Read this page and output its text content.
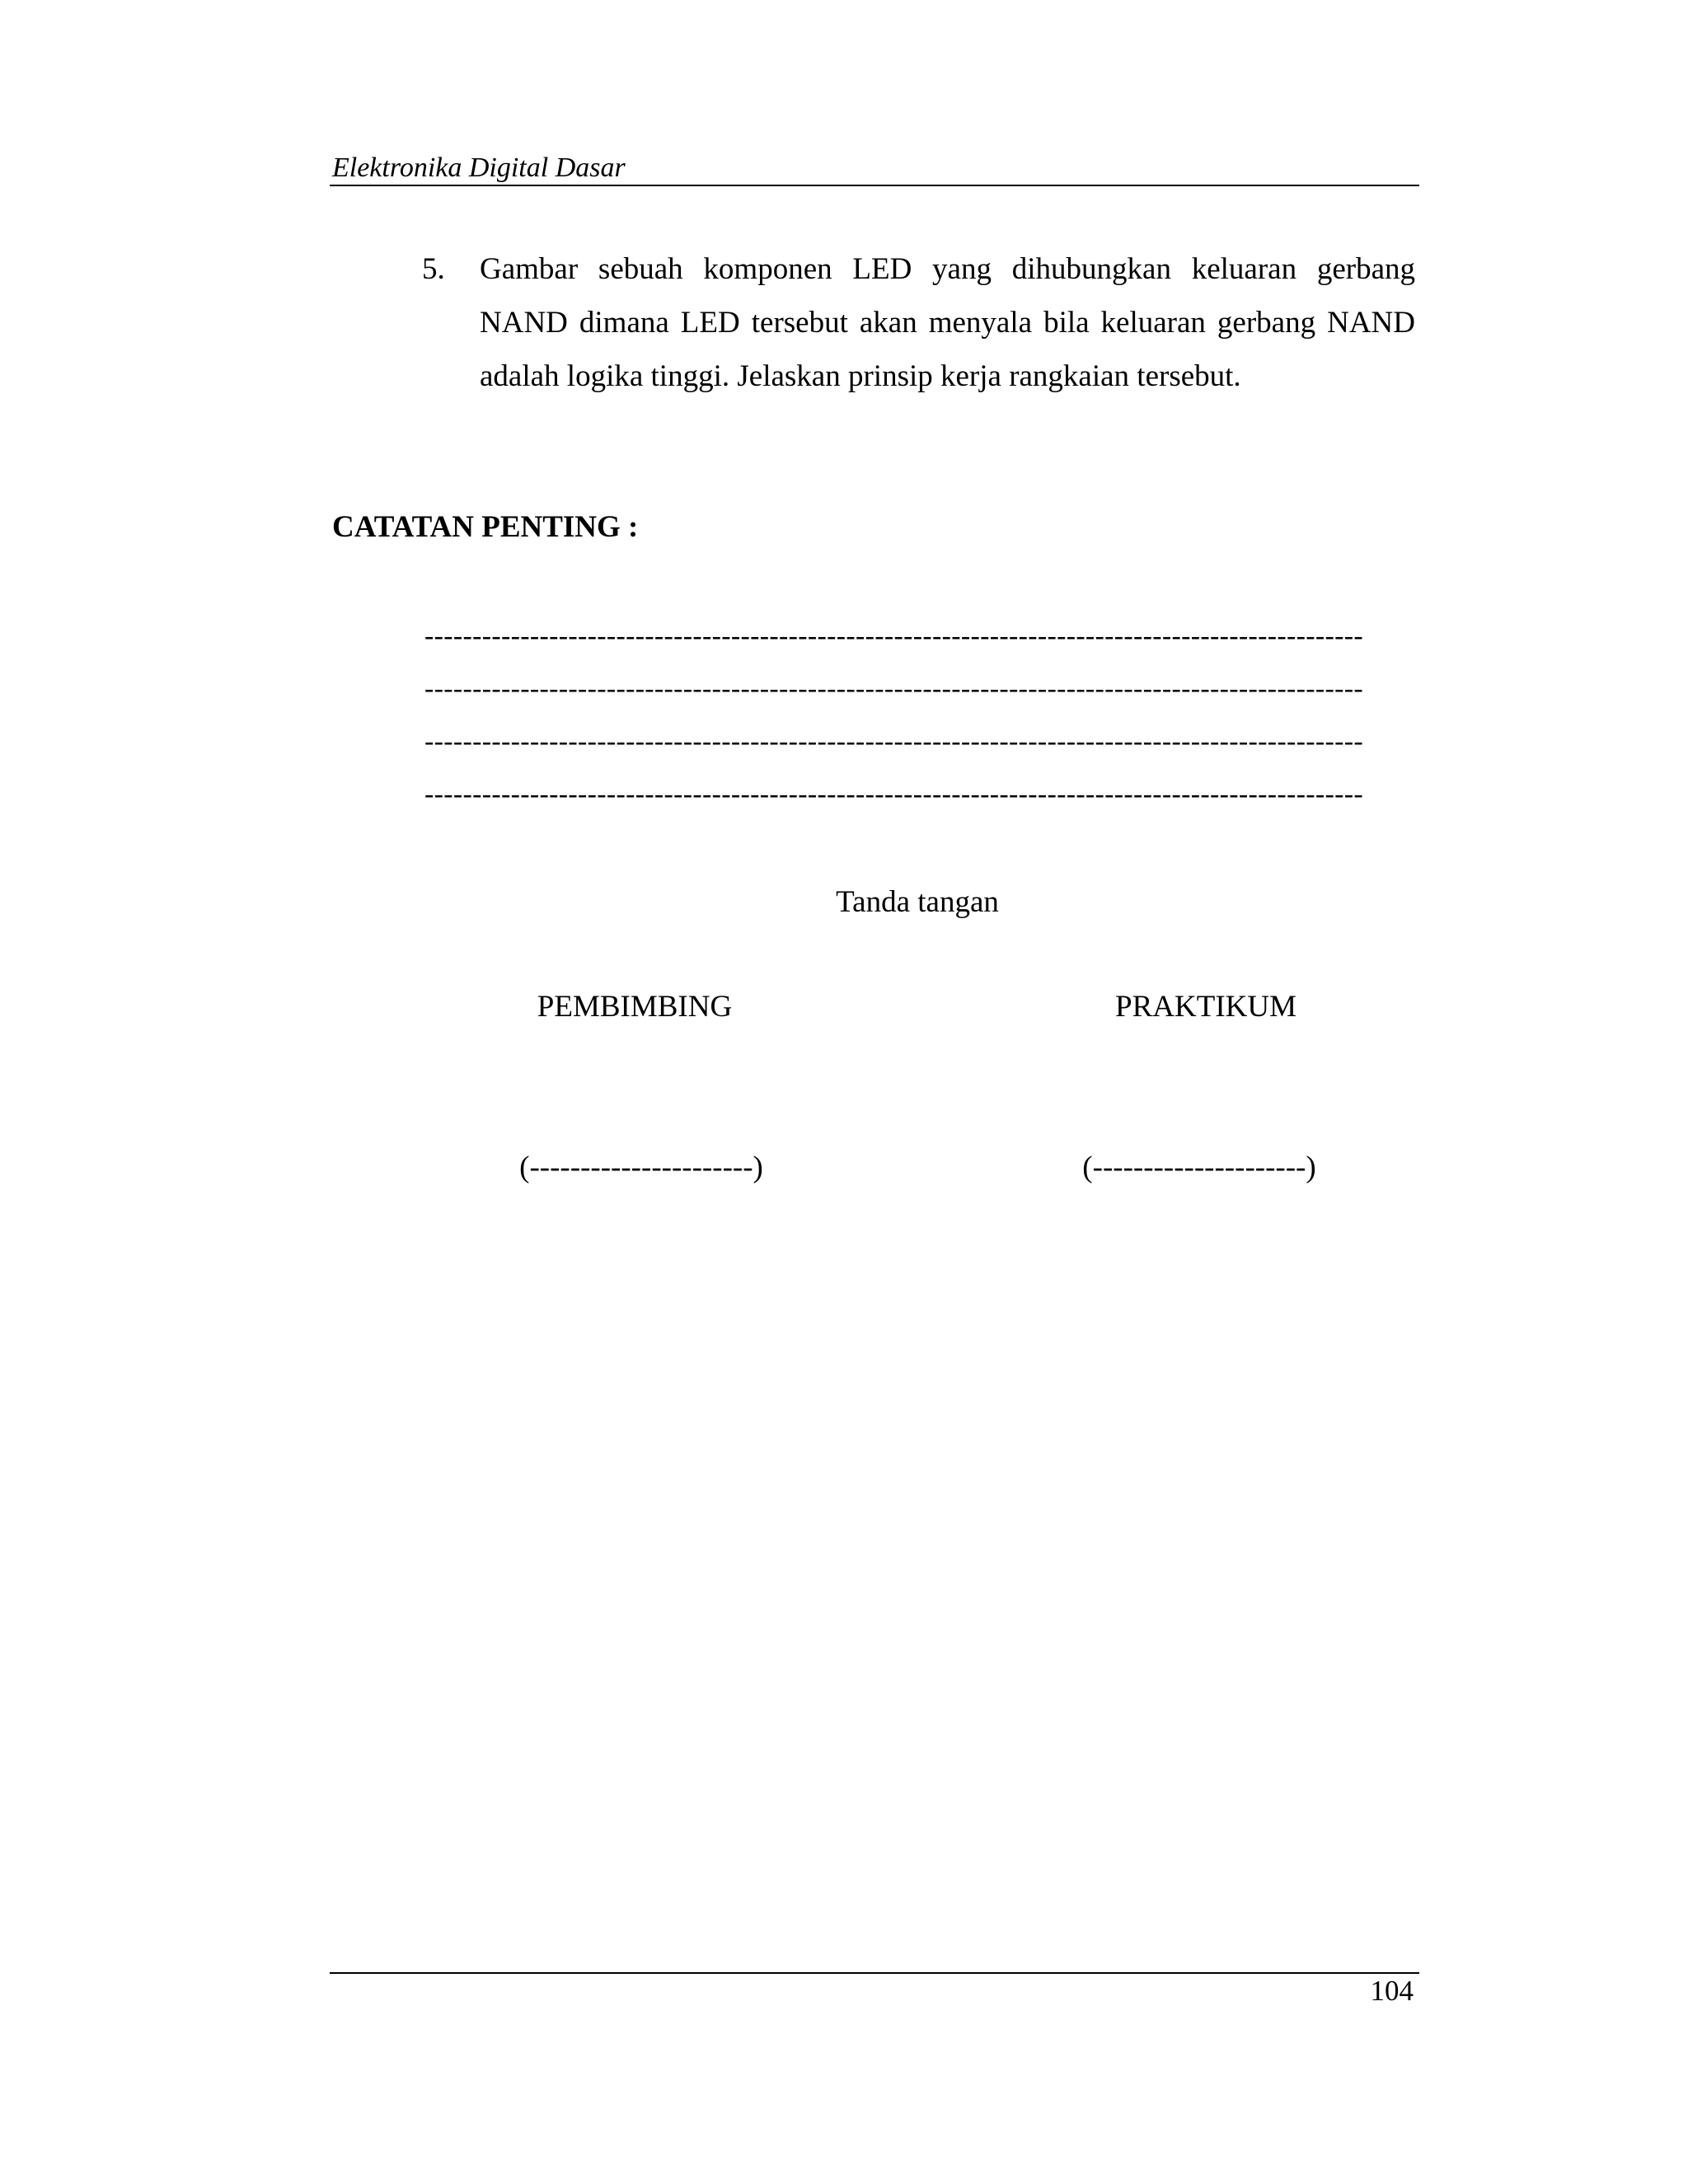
Elektronika Digital Dasar
5.	Gambar sebuah komponen LED yang dihubungkan keluaran gerbang NAND dimana LED tersebut akan menyala bila keluaran gerbang NAND adalah logika tinggi. Jelaskan prinsip kerja rangkaian tersebut.
CATATAN PENTING :
--------------------------------------------------------------------------------------------------
--------------------------------------------------------------------------------------------------
--------------------------------------------------------------------------------------------------
--------------------------------------------------------------------------------------------------
Tanda tangan
PEMBIMBING	PRAKTIKUM
(----------------------)	(---------------------)
104
